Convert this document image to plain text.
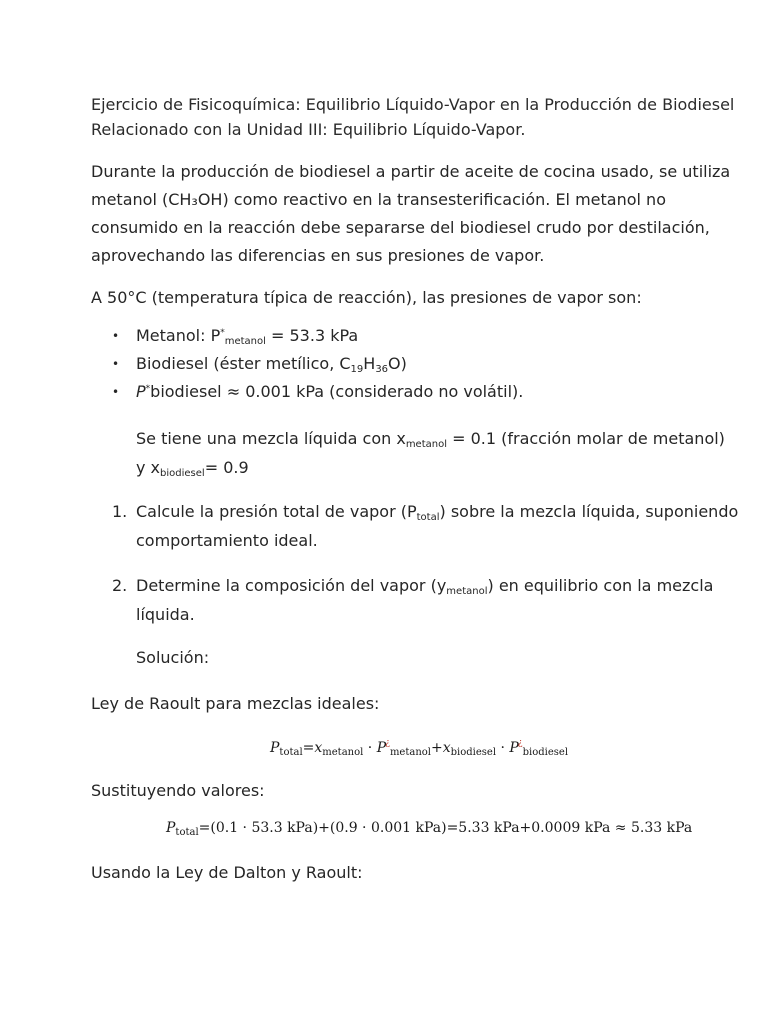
Ejercicio de Fisicoquímica: Equilibrio Líquido-Vapor en la Producción de Biodiesel
Relacionado con la Unidad III: Equilibrio Líquido-Vapor.
Durante la producción de biodiesel a partir de aceite de cocina usado, se utiliza
metanol (CH₃OH) como reactivo en la transesterificación. El metanol no
consumido en la reacción debe separarse del biodiesel crudo por destilación,
aprovechando las diferencias en sus presiones de vapor.
A 50°C (temperatura típica de reacción), las presiones de vapor son:
• Metanol: $P^*_{metanol} = 53.3$ kPa
• Biodiesel (éster metílico, $C_{19}H_{36}O$)
• P*biodiesel ≈ 0.001 kPa (considerado no volátil).
Se tiene una mezcla líquida con $x_{metanol} = 0.1$ (fracción molar de metanol)
y $x_{biodiesel}= 0.9$
1. Calcule la presión total de vapor $(P_{total})$ sobre la mezcla líquida, suponiendo
comportamiento ideal.
2. Determine la composición del vapor $(y_{metanol})$ en equilibrio con la mezcla
líquida.
Solución:
Ley de Raoult para mezclas ideales:
$P_{total}=x_{metanol} \cdot P^¿_{metanol}+x_{biodiesel} \cdot P^¿_{biodiesel}$
Sustituyendo valores:
$P_{total}=(0.1 \cdot 53.3$ kPa)+(0.9 · 0.001 kPa)=5.33 kPa+0.0009 kPa ≈ 5.33 kPa
Usando la Ley de Dalton y Raoult:
